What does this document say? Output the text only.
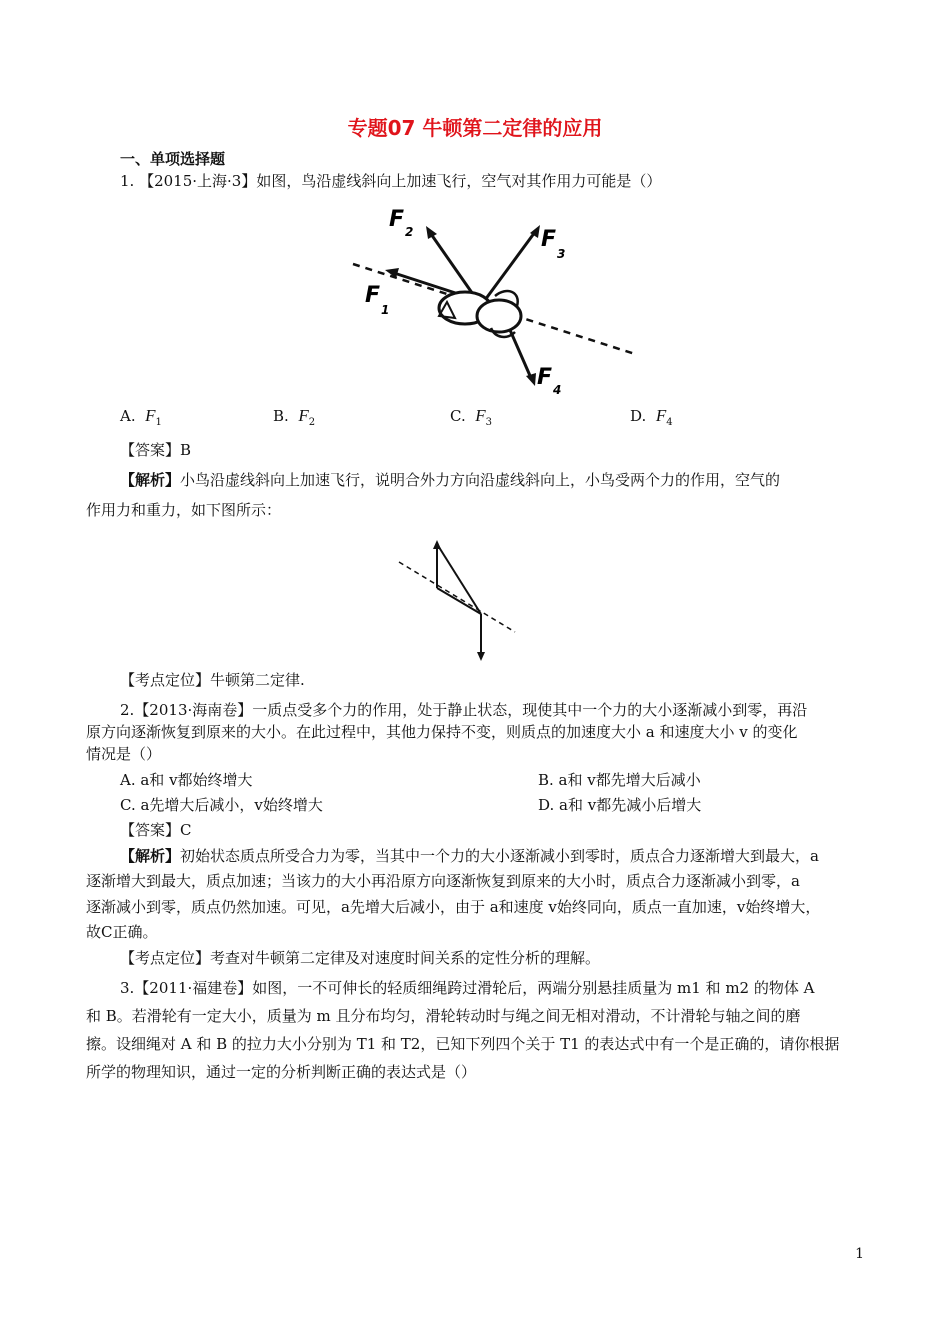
专题07 牛顿第二定律的应用
一、单项选择题
1. 【2015·上海·3】如图，鸟沿虚线斜向上加速飞行，空气对其作用力可能是（）
F 2	F
3
F
1
F 4
A. $F_1$	B. $F_2$	C. $F_3$	D. $F_4$
【答案】B
【解析】小鸟沿虚线斜向上加速飞行，说明合外力方向沿虚线斜向上，小鸟受两个力的作用，空气的
作用力和重力，如下图所示：
【考点定位】牛顿第二定律.
2.【2013·海南卷】一质点受多个力的作用，处于静止状态，现使其中一个力的大小逐渐减小到零，再沿
原方向逐渐恢复到原来的大小。在此过程中，其他力保持不变，则质点的加速度大小 a 和速度大小 v 的变化
情况是（）
A. a和 v都始终增大	B. a和 v都先增大后减小
C. a先增大后减小，v始终增大	D. a和 v都先减小后增大
【答案】C
【解析】初始状态质点所受合力为零，当其中一个力的大小逐渐减小到零时，质点合力逐渐增大到最大，a
逐渐增大到最大，质点加速；当该力的大小再沿原方向逐渐恢复到原来的大小时，质点合力逐渐减小到零，a
逐渐减小到零，质点仍然加速。可见，a先增大后减小，由于 a和速度 v始终同向，质点一直加速，v始终增大，
故C正确。
【考点定位】考查对牛顿第二定律及对速度时间关系的定性分析的理解。
3.【2011·福建卷】如图，一不可伸长的轻质细绳跨过滑轮后，两端分别悬挂质量为 m1 和 m2 的物体 A
和 B。若滑轮有一定大小，质量为 m 且分布均匀，滑轮转动时与绳之间无相对滑动，不计滑轮与轴之间的磨
擦。设细绳对 A 和 B 的拉力大小分别为 T1 和 T2，已知下列四个关于 T1 的表达式中有一个是正确的，请你根据
所学的物理知识，通过一定的分析判断正确的表达式是（）
1
